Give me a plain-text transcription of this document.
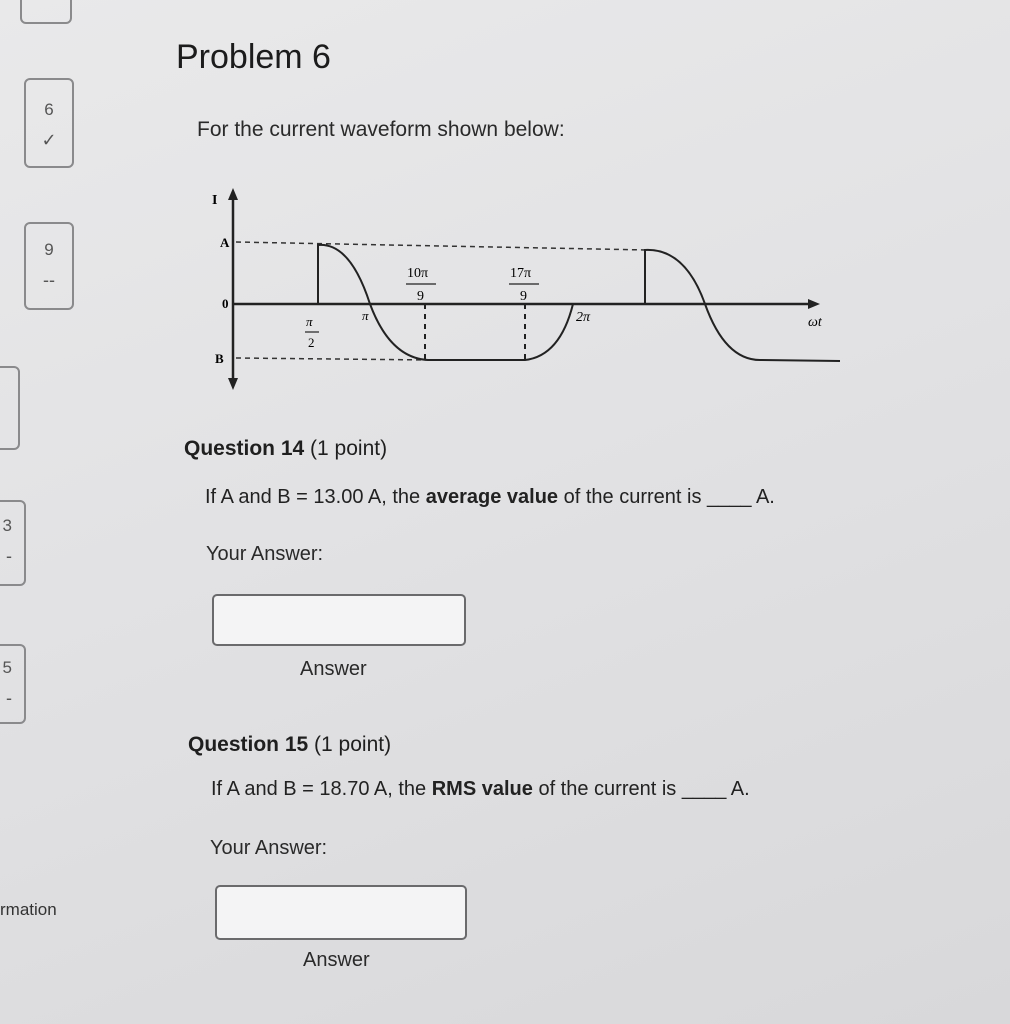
6
✓
9
--
3
-
5
-
rmation
Problem 6
For the current waveform shown below:
I
A
0
B
ωt
π
2
π
10π
9
17π
9
2π
Question 14 (1 point)
If A and B = 13.00 A, the average value of the current is ____ A.
Your Answer:
Answer
Question 15 (1 point)
If A and B = 18.70 A, the RMS value of the current is ____ A.
Your Answer:
Answer
